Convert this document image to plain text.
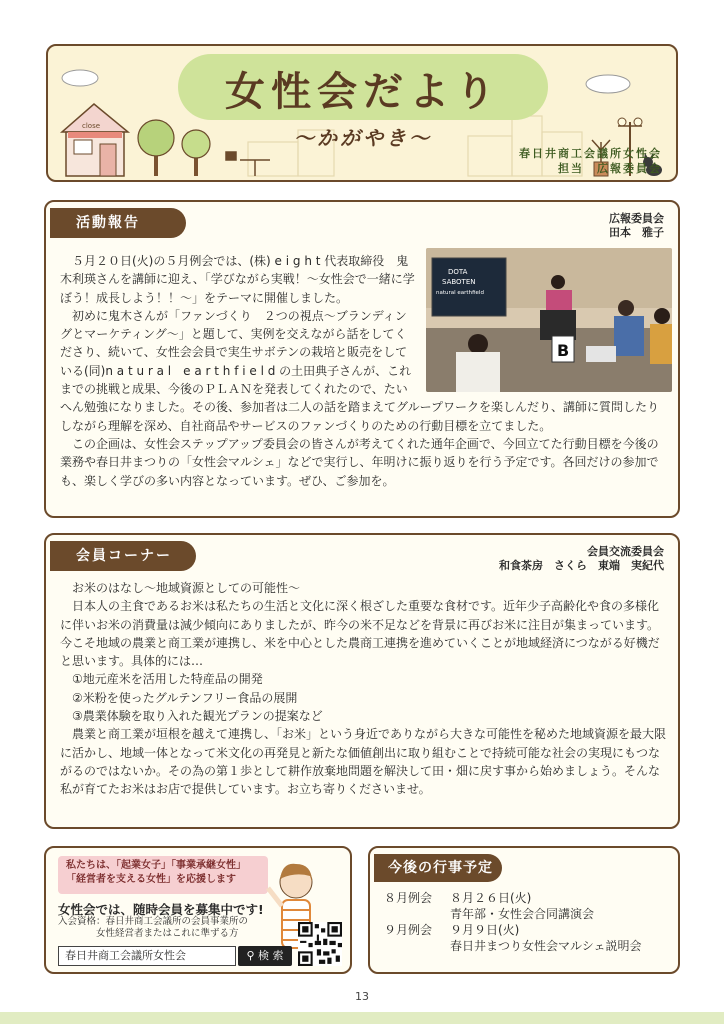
close
女性会だより
～かがやき～
春日井商工会議所女性会
担当　広報委員会
活動報告	広報委員会
田本　雅子
DOTA
SABOTEN
natural earthfield
B

５月２０日(火)の５月例会では、(株) e i g h t 代表取締役　鬼木利瑛さんを講師に迎え、「学びながら実戦！～女性会で一緒に学ぼう！成長しよう！！～」をテーマに開催しました。

初めに鬼木さんが「ファンづくり　２つの視点～ブランディングとマーケティング～」と題して、実例を交えながら話をしてくださり、続いて、女性会会員で実生サボテンの栽培と販売をしている(同)n a t u r a l　e a r t h f i e l d の土田典子さんが、これまでの挑戦と成果、今後のＰＬＡＮを発表してくれたので、たいへん勉強になりました。その後、参加者は二人の話を踏まえてグループワークを楽しんだり、講師に質問したりしながら理解を深め、自社商品やサービスのファンづくりのための行動目標を立てました。

この企画は、女性会ステップアップ委員会の皆さんが考えてくれた通年企画で、今回立てた行動目標を今後の業務や春日井まつりの「女性会マルシェ」などで実行し、年明けに振り返りを行う予定です。各回だけの参加でも、楽しく学びの多い内容となっています。ぜひ、ご参加を。

会員コーナー	会員交流委員会
和食茶房　さくら　東端　実紀代

お米のはなし～地域資源としての可能性～

日本人の主食であるお米は私たちの生活と文化に深く根ざした重要な食材です。近年少子高齢化や食の多様化に伴いお米の消費量は減少傾向にありましたが、昨今の米不足などを背景に再びお米に注目が集まっています。今こそ地域の農業と商工業が連携し、米を中心とした農商工連携を進めていくことが地域経済につながる好機だと思います。具体的には…

①地元産米を活用した特産品の開発

②米粉を使ったグルテンフリー食品の展開

③農業体験を取り入れた観光プランの提案など

農業と商工業が垣根を越えて連携し、「お米」という身近でありながら大きな可能性を秘めた地域資源を最大限に活かし、地域一体となって米文化の再発見と新たな価値創出に取り組むことで持続可能な社会の実現にもつながるのではないか。その為の第１歩として耕作放棄地問題を解決して田・畑に戻す事から始めましょう。そんな私が育てたお米はお店で提供しています。お立ち寄りくださいませ。

私たちは、「起業女子」「事業承継女性」
「経営者を支える女性」を応援します
女性会では、随時会員を募集中です!
入会資格：春日井商工会議所の会員事業所の
女性経営者またはこれに準ずる方
春日井商工会議所女性会	⚲ 検 索
今後の行事予定
８月例会 ８月２６日(火)
青年部・女性会合同講演会
９月例会 ９月９日(火)
春日井まつり女性会マルシェ説明会
13
